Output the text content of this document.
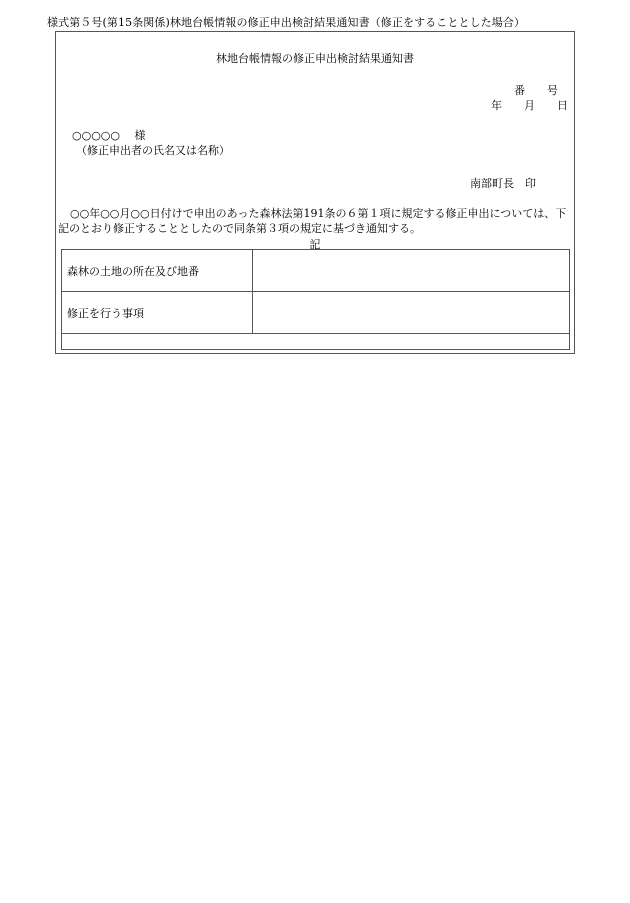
様式第５号(第15条関係)林地台帳情報の修正申出検討結果通知書（修正をすることとした場合）
林地台帳情報の修正申出検討結果通知書
番　　号
年　　月　　日
○○○○○　 様
（修正申出者の氏名又は名称）
南部町長　印
○○年○○月○○日付けで申出のあった森林法第191条の６第１項に規定する修正申出については、下記のとおり修正することとしたので同条第３項の規定に基づき通知する。
記
森林の土地の所在及び地番	
修正を行う事項	
